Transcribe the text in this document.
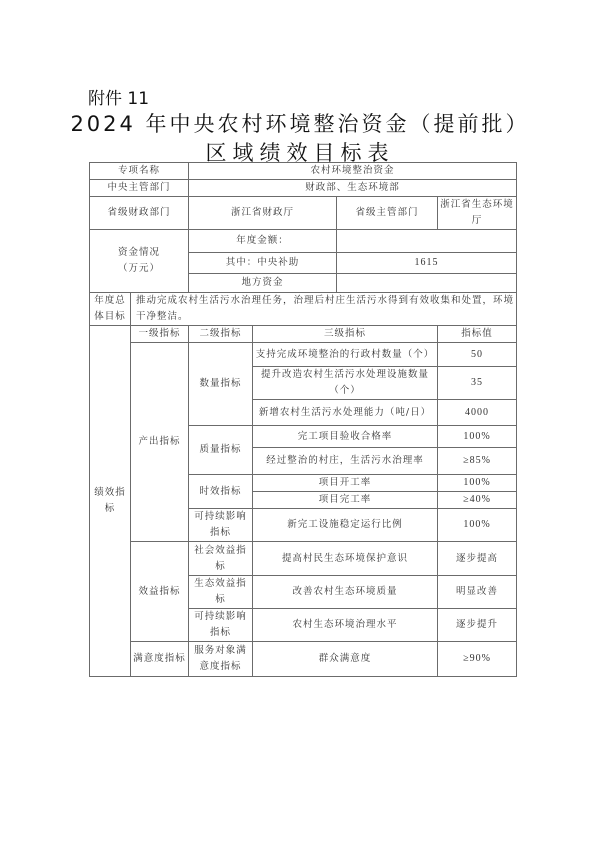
附件 11
2024 年中央农村环境整治资金（提前批）
区域绩效目标表
专项名称		农村环境整治资金			
中央主管部门		财政部、生态环境部			
省级财政部门		浙江省财政厅		省级主管部门	浙江省生态环境厅

资金情况
（万元）		年度金额：			
		其中：中央补助		1615	
		地方资金			

年度总
体目标	推动完成农村生活污水治理任务，治理后村庄生活污水得到有效收集和处置，环境干净整洁。				

绩效指
标	一级指标	二级指标	三级指标		指标值
	产出指标	数量指标	支持完成环境整治的行政村数量（个）		50
			提升改造农村生活污水处理设施数量（个）		35
			新增农村生活污水处理能力（吨/日）		4000
		质量指标	完工项目验收合格率		100%
			经过整治的村庄，生活污水治理率		≥85%
		时效指标	项目开工率		100%
			项目完工率		≥40%
		可持续影响指标	新完工设施稳定运行比例		100%
	效益指标	社会效益指标	提高村民生态环境保护意识		逐步提高
		生态效益指标	改善农村生态环境质量		明显改善
		可持续影响指标	农村生态环境治理水平		逐步提升
	满意度指标	服务对象满意度指标	群众满意度		≥90%
